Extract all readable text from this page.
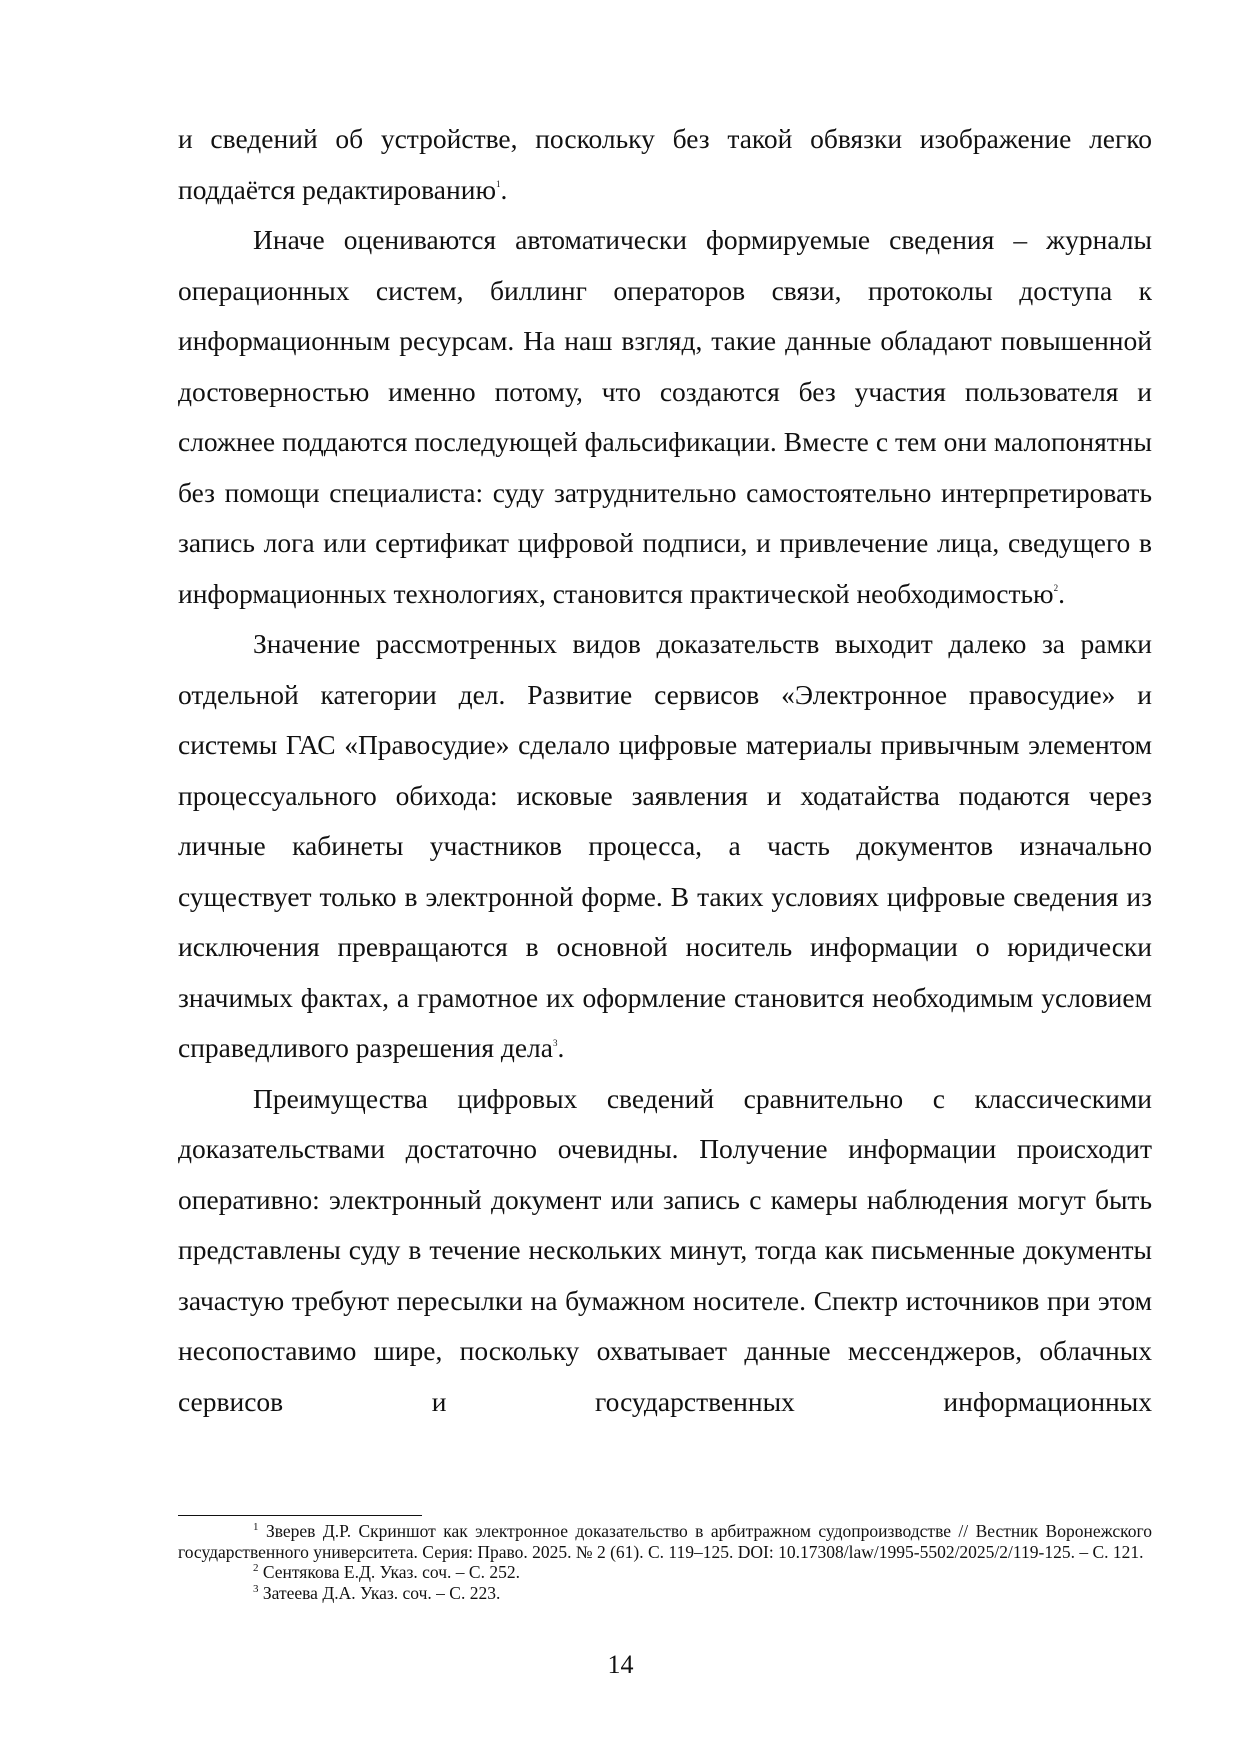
и сведений об устройстве, поскольку без такой обвязки изображение легко поддаётся редактированию$^1$.

Иначе оцениваются автоматически формируемые сведения – журналы операционных систем, биллинг операторов связи, протоколы доступа к информационным ресурсам. На наш взгляд, такие данные обладают повышенной достоверностью именно потому, что создаются без участия пользователя и сложнее поддаются последующей фальсификации. Вместе с тем они малопонятны без помощи специалиста: суду затруднительно самостоятельно интерпретировать запись лога или сертификат цифровой подписи, и привлечение лица, сведущего в информационных технологиях, становится практической необходимостью$^2$.

Значение рассмотренных видов доказательств выходит далеко за рамки отдельной категории дел. Развитие сервисов «Электронное правосудие» и системы ГАС «Правосудие» сделало цифровые материалы привычным элементом процессуального обихода: исковые заявления и ходатайства подаются через личные кабинеты участников процесса, а часть документов изначально существует только в электронной форме. В таких условиях цифровые сведения из исключения превращаются в основной носитель информации о юридически значимых фактах, а грамотное их оформление становится необходимым условием справедливого разрешения дела$^3$.

Преимущества цифровых сведений сравнительно с классическими доказательствами достаточно очевидны. Получение информации происходит оперативно: электронный документ или запись с камеры наблюдения могут быть представлены суду в течение нескольких минут, тогда как письменные документы зачастую требуют пересылки на бумажном носителе. Спектр источников при этом несопоставимо шире, поскольку охватывает данные мессенджеров, облачных сервисов и государственных информационных

$^1$ Зверев Д.Р. Скриншот как электронное доказательство в арбитражном судопроизводстве // Вестник Воронежского государственного университета. Серия: Право. 2025. № 2 (61). С. 119–125. DOI: 10.17308/law/1995-5502/2025/2/119-125. – С. 121.

$^2$ Сентякова Е.Д. Указ. соч. – С. 252.

$^3$ Затеева Д.А. Указ. соч. – С. 223.

14
